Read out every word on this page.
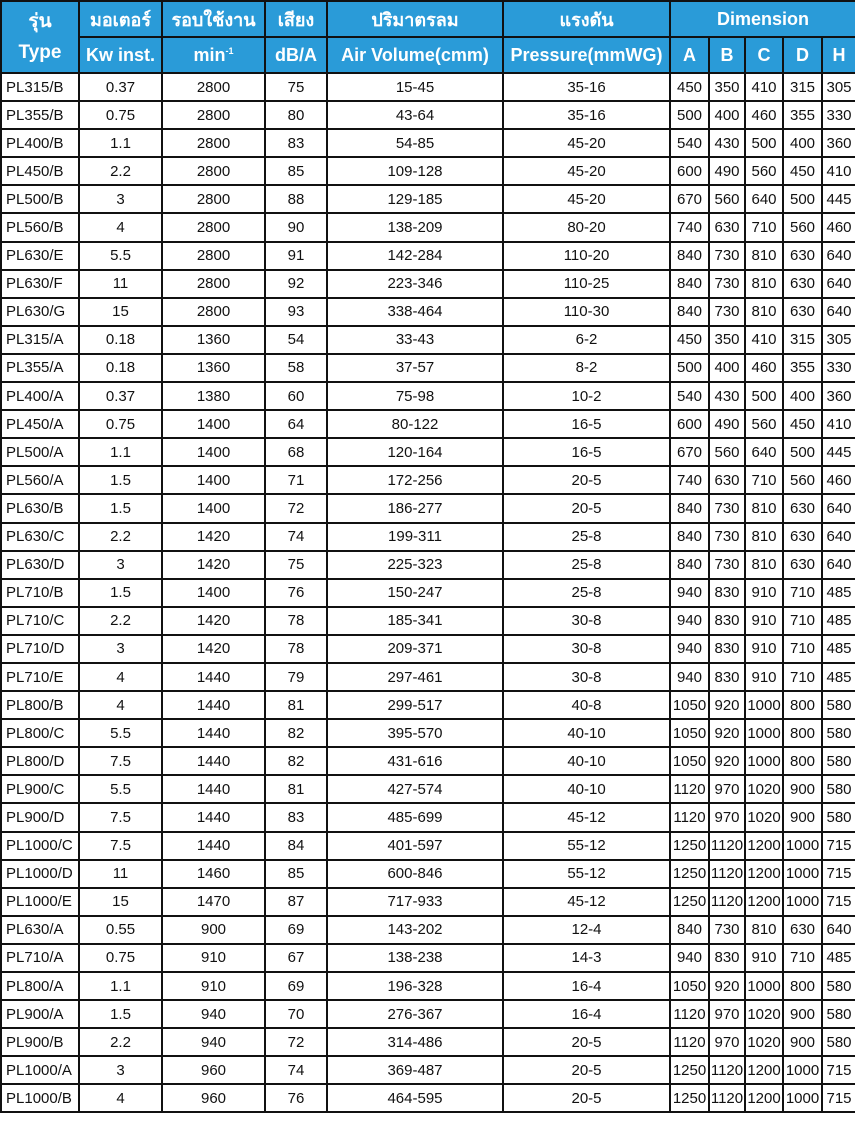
รุ่น
Type	มอเตอร์	รอบใช้งาน	เสียง	ปริมาตรลม	แรงดัน	Dimension				
	Kw inst.	$\min^{-1}$	dB/A	Air Volume(cmm)	Pressure(mmWG)	A	B	C	D	H
PL315/B	0.37	2800	75	15-45	35-16	450	350	410	315	305
PL355/B	0.75	2800	80	43-64	35-16	500	400	460	355	330
PL400/B	1.1	2800	83	54-85	45-20	540	430	500	400	360
PL450/B	2.2	2800	85	109-128	45-20	600	490	560	450	410
PL500/B	3	2800	88	129-185	45-20	670	560	640	500	445
PL560/B	4	2800	90	138-209	80-20	740	630	710	560	460
PL630/E	5.5	2800	91	142-284	110-20	840	730	810	630	640
PL630/F	11	2800	92	223-346	110-25	840	730	810	630	640
PL630/G	15	2800	93	338-464	110-30	840	730	810	630	640
PL315/A	0.18	1360	54	33-43	6-2	450	350	410	315	305
PL355/A	0.18	1360	58	37-57	8-2	500	400	460	355	330
PL400/A	0.37	1380	60	75-98	10-2	540	430	500	400	360
PL450/A	0.75	1400	64	80-122	16-5	600	490	560	450	410
PL500/A	1.1	1400	68	120-164	16-5	670	560	640	500	445
PL560/A	1.5	1400	71	172-256	20-5	740	630	710	560	460
PL630/B	1.5	1400	72	186-277	20-5	840	730	810	630	640
PL630/C	2.2	1420	74	199-311	25-8	840	730	810	630	640
PL630/D	3	1420	75	225-323	25-8	840	730	810	630	640
PL710/B	1.5	1400	76	150-247	25-8	940	830	910	710	485
PL710/C	2.2	1420	78	185-341	30-8	940	830	910	710	485
PL710/D	3	1420	78	209-371	30-8	940	830	910	710	485
PL710/E	4	1440	79	297-461	30-8	940	830	910	710	485
PL800/B	4	1440	81	299-517	40-8	1050	920	1000	800	580
PL800/C	5.5	1440	82	395-570	40-10	1050	920	1000	800	580
PL800/D	7.5	1440	82	431-616	40-10	1050	920	1000	800	580
PL900/C	5.5	1440	81	427-574	40-10	1120	970	1020	900	580
PL900/D	7.5	1440	83	485-699	45-12	1120	970	1020	900	580
PL1000/C	7.5	1440	84	401-597	55-12	1250	1120	1200	1000	715
PL1000/D	11	1460	85	600-846	55-12	1250	1120	1200	1000	715
PL1000/E	15	1470	87	717-933	45-12	1250	1120	1200	1000	715
PL630/A	0.55	900	69	143-202	12-4	840	730	810	630	640
PL710/A	0.75	910	67	138-238	14-3	940	830	910	710	485
PL800/A	1.1	910	69	196-328	16-4	1050	920	1000	800	580
PL900/A	1.5	940	70	276-367	16-4	1120	970	1020	900	580
PL900/B	2.2	940	72	314-486	20-5	1120	970	1020	900	580
PL1000/A	3	960	74	369-487	20-5	1250	1120	1200	1000	715
PL1000/B	4	960	76	464-595	20-5	1250	1120	1200	1000	715
